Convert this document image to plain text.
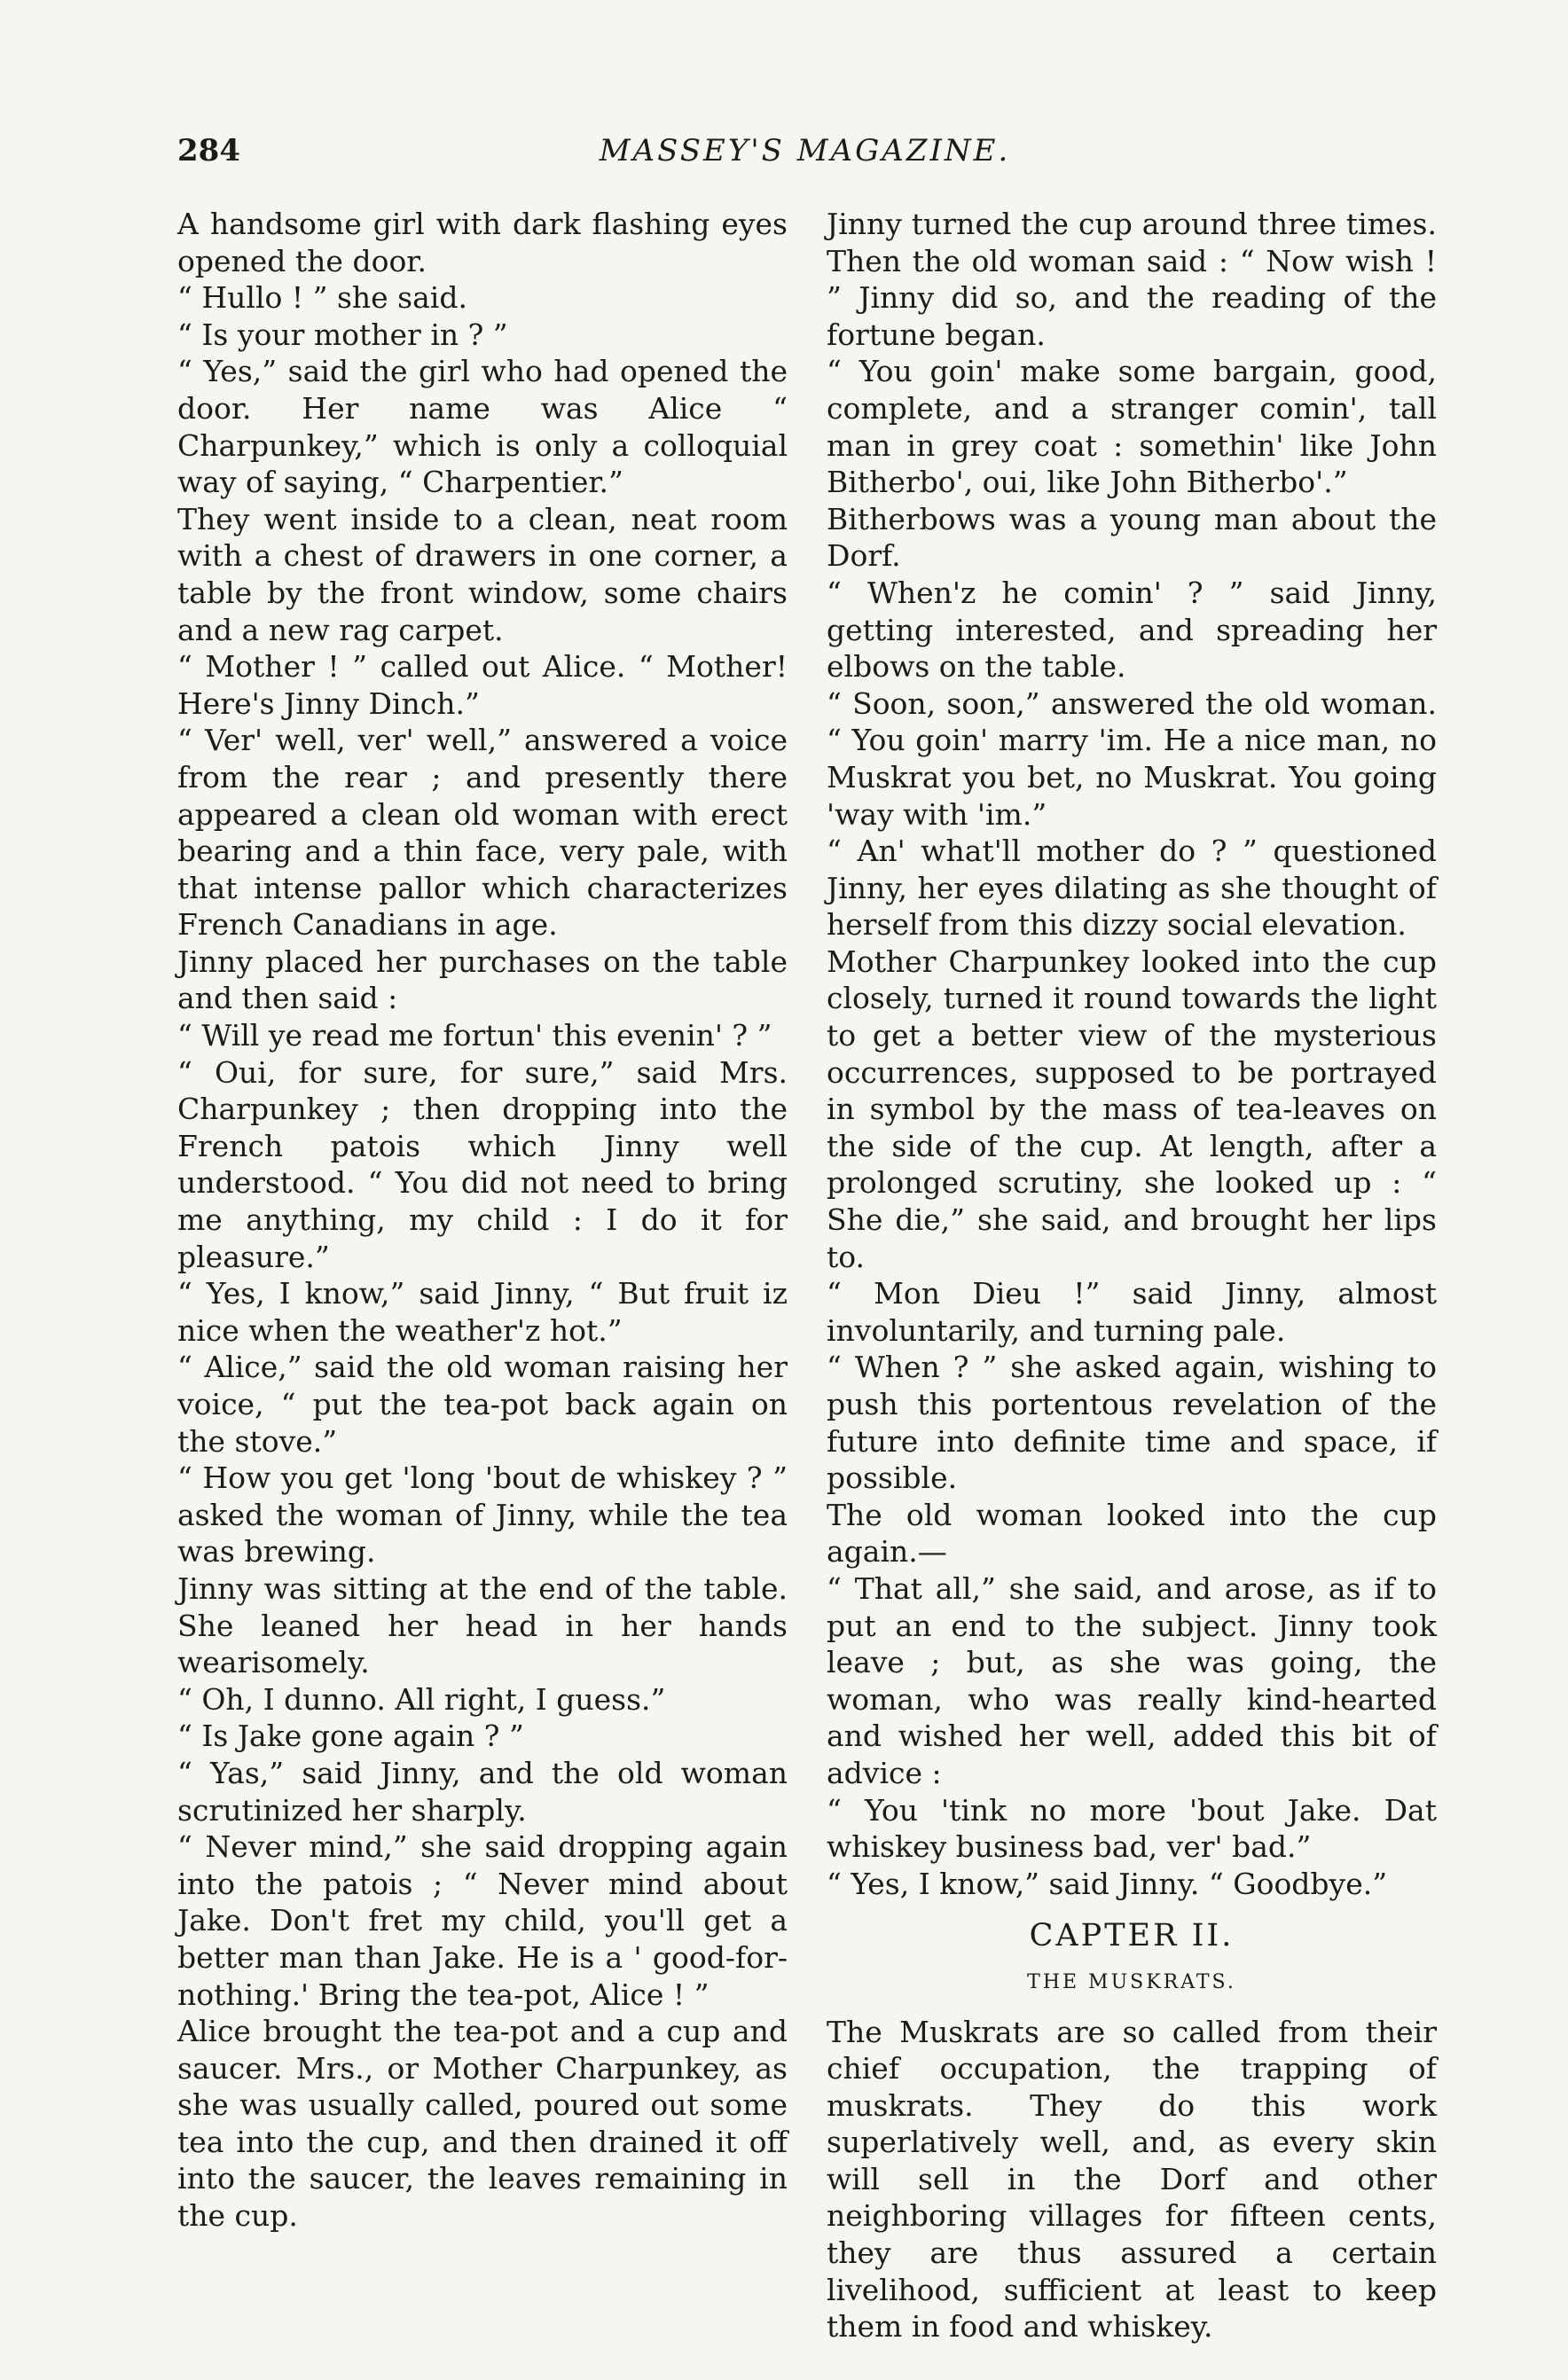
284	MASSEY'S MAGAZINE.

A handsome girl with dark flashing eyes opened the door.

“ Hullo ! ” she said.

“ Is your mother in ? ”

“ Yes,” said the girl who had opened the door. Her name was Alice “ Charpunkey,” which is only a colloquial way of saying, “ Charpentier.”

They went inside to a clean, neat room with a chest of drawers in one corner, a table by the front window, some chairs and a new rag carpet.

“ Mother ! ” called out Alice. “ Mother! Here's Jinny Dinch.”

“ Ver' well, ver' well,” answered a voice from the rear ; and presently there appeared a clean old woman with erect bearing and a thin face, very pale, with that intense pallor which characterizes French Canadians in age.

Jinny placed her purchases on the table and then said :

“ Will ye read me fortun' this evenin' ? ”

“ Oui, for sure, for sure,” said Mrs. Charpunkey ; then dropping into the French patois which Jinny well understood. “ You did not need to bring me anything, my child : I do it for pleasure.”

“ Yes, I know,” said Jinny, “ But fruit iz nice when the weather'z hot.”

“ Alice,” said the old woman raising her voice, “ put the tea-pot back again on the stove.”

“ How you get 'long 'bout de whiskey ? ” asked the woman of Jinny, while the tea was brewing.

Jinny was sitting at the end of the table. She leaned her head in her hands wearisomely.

“ Oh, I dunno. All right, I guess.”

“ Is Jake gone again ? ”

“ Yas,” said Jinny, and the old woman scrutinized her sharply.

“ Never mind,” she said dropping again into the patois ; “ Never mind about Jake. Don't fret my child, you'll get a better man than Jake. He is a ' good-for-nothing.' Bring the tea-pot, Alice ! ”

Alice brought the tea-pot and a cup and saucer. Mrs., or Mother Charpunkey, as she was usually called, poured out some tea into the cup, and then drained it off into the saucer, the leaves remaining in the cup.

Jinny turned the cup around three times. Then the old woman said : “ Now wish ! ” Jinny did so, and the reading of the fortune began.

“ You goin' make some bargain, good, complete, and a stranger comin', tall man in grey coat : somethin' like John Bitherbo', oui, like John Bitherbo'.”

Bitherbows was a young man about the Dorf.

“ When'z he comin' ? ” said Jinny, getting interested, and spreading her elbows on the table.

“ Soon, soon,” answered the old woman. “ You goin' marry 'im. He a nice man, no Muskrat you bet, no Muskrat. You going 'way with 'im.”

“ An' what'll mother do ? ” questioned Jinny, her eyes dilating as she thought of herself from this dizzy social elevation.

Mother Charpunkey looked into the cup closely, turned it round towards the light to get a better view of the mysterious occurrences, supposed to be portrayed in symbol by the mass of tea-leaves on the side of the cup. At length, after a prolonged scrutiny, she looked up : “ She die,” she said, and brought her lips to.

“ Mon Dieu !” said Jinny, almost involuntarily, and turning pale.

“ When ? ” she asked again, wishing to push this portentous revelation of the future into definite time and space, if possible.

The old woman looked into the cup again.—

“ That all,” she said, and arose, as if to put an end to the subject. Jinny took leave ; but, as she was going, the woman, who was really kind-hearted and wished her well, added this bit of advice :

“ You 'tink no more 'bout Jake. Dat whiskey business bad, ver' bad.”

“ Yes, I know,” said Jinny. “ Goodbye.”

CAPTER II.
THE MUSKRATS.

The Muskrats are so called from their chief occupation, the trapping of muskrats. They do this work superlatively well, and, as every skin will sell in the Dorf and other neighboring villages for fifteen cents, they are thus assured a certain livelihood, sufficient at least to keep them in food and whiskey.
